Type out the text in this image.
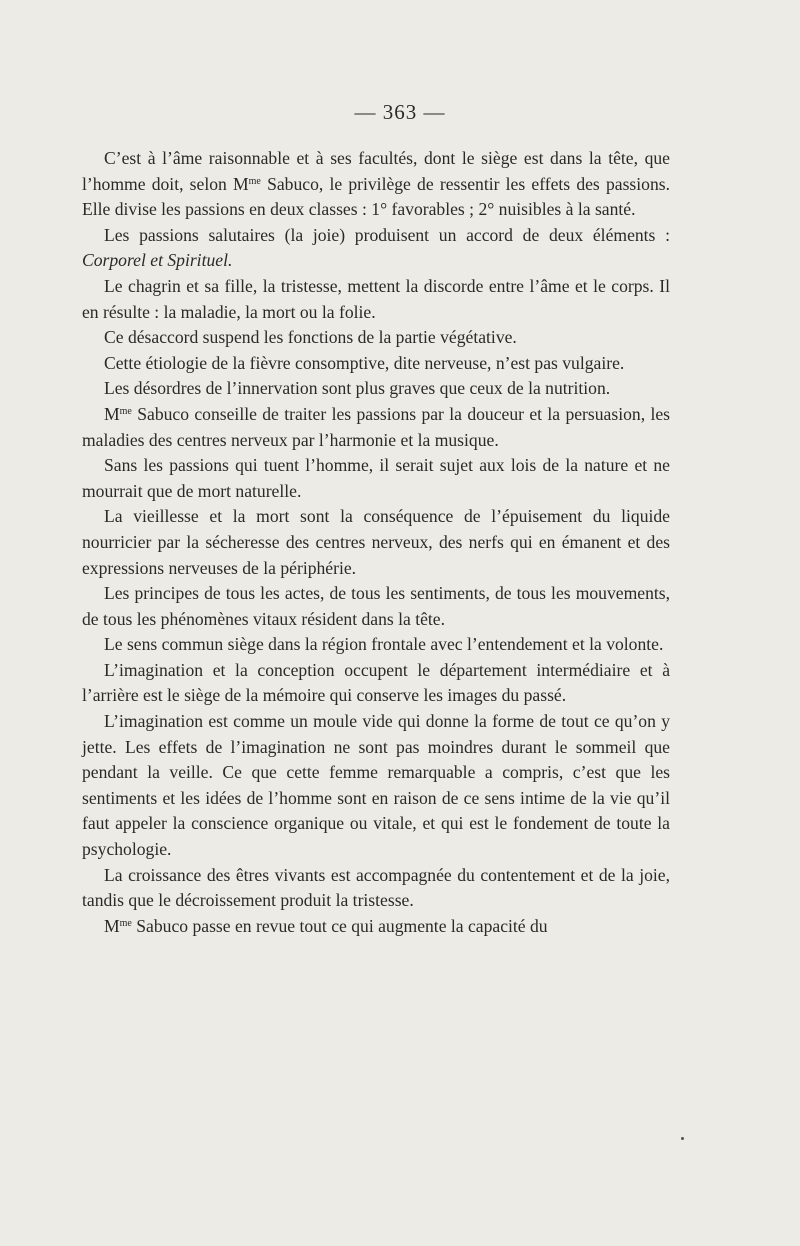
— 363 —

C’est à l’âme raisonnable et à ses facultés, dont le siège est dans la tête, que l’homme doit, selon $M^{me}$ Sabuco, le privilège de ressentir les effets des passions. Elle divise les passions en deux classes : 1° favorables ; 2° nuisibles à la santé.

Les passions salutaires (la joie) produisent un accord de deux éléments : Corporel et Spirituel.

Le chagrin et sa fille, la tristesse, mettent la discorde entre l’âme et le corps. Il en résulte : la maladie, la mort ou la folie.

Ce désaccord suspend les fonctions de la partie végétative.

Cette étiologie de la fièvre consomptive, dite nerveuse, n’est pas vulgaire.

Les désordres de l’innervation sont plus graves que ceux de la nutrition.

$M^{me}$ Sabuco conseille de traiter les passions par la douceur et la persuasion, les maladies des centres nerveux par l’harmonie et la musique.

Sans les passions qui tuent l’homme, il serait sujet aux lois de la nature et ne mourrait que de mort naturelle.

La vieillesse et la mort sont la conséquence de l’épuisement du liquide nourricier par la sécheresse des centres nerveux, des nerfs qui en émanent et des expressions nerveuses de la périphérie.

Les principes de tous les actes, de tous les sentiments, de tous les mouvements, de tous les phénomènes vitaux résident dans la tête.

Le sens commun siège dans la région frontale avec l’entendement et la volonte.

L’imagination et la conception occupent le département intermédiaire et à l’arrière est le siège de la mémoire qui conserve les images du passé.

L’imagination est comme un moule vide qui donne la forme de tout ce qu’on y jette. Les effets de l’imagination ne sont pas moindres durant le sommeil que pendant la veille. Ce que cette femme remarquable a compris, c’est que les sentiments et les idées de l’homme sont en raison de ce sens intime de la vie qu’il faut appeler la conscience organique ou vitale, et qui est le fondement de toute la psychologie.

La croissance des êtres vivants est accompagnée du contentement et de la joie, tandis que le décroissement produit la tristesse.

$M^{me}$ Sabuco passe en revue tout ce qui augmente la capacité du
